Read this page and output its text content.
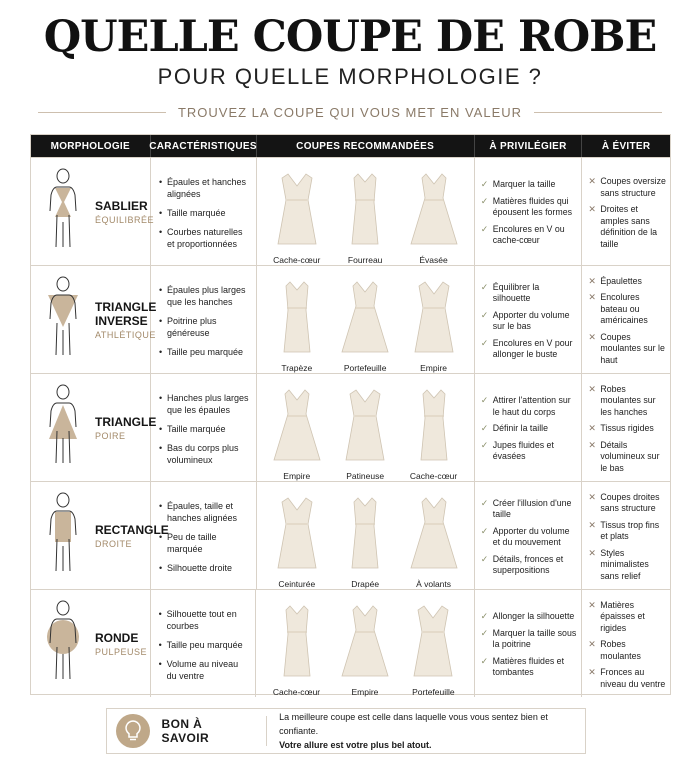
QUELLE COUPE DE ROBE
POUR QUELLE MORPHOLOGIE ?
TROUVEZ LA COUPE QUI VOUS MET EN VALEUR
MORPHOLOGIE	CARACTÉRISTIQUES	COUPES RECOMMANDÉES	À PRIVILÉGIER	À ÉVITER
SABLIER
ÉQUILIBRÉE
• Épaules et hanches alignées
• Taille marquée
• Courbes naturelles et proportionnées
Cache-cœur	Fourreau	Évasée
✓ Marquer la taille
✓ Matières fluides qui épousent les formes
✓ Encolures en V ou cache-cœur
✕ Coupes oversize sans structure
✕ Droites et amples sans définition de la taille
TRIANGLE INVERSE
ATHLÉTIQUE
• Épaules plus larges que les hanches
• Poitrine plus généreuse
• Taille peu marquée
Trapèze	Portefeuille	Empire
✓ Équilibrer la silhouette
✓ Apporter du volume sur le bas
✓ Encolures en V pour allonger le buste
✕ Épaulettes
✕ Encolures bateau ou américaines
✕ Coupes moulantes sur le haut
TRIANGLE
POIRE
• Hanches plus larges que les épaules
• Taille marquée
• Bas du corps plus volumineux
Empire	Patineuse	Cache-cœur
✓ Attirer l'attention sur le haut du corps
✓ Définir la taille
✓ Jupes fluides et évasées
✕ Robes moulantes sur les hanches
✕ Tissus rigides
✕ Détails volumineux sur le bas
RECTANGLE
DROITE
• Épaules, taille et hanches alignées
• Peu de taille marquée
• Silhouette droite
Ceinturée	Drapée	À volants
✓ Créer l'illusion d'une taille
✓ Apporter du volume et du mouvement
✓ Détails, fronces et superpositions
✕ Coupes droites sans structure
✕ Tissus trop fins et plats
✕ Styles minimalistes sans relief
RONDE
PULPEUSE
• Silhouette tout en courbes
• Taille peu marquée
• Volume au niveau du ventre
Cache-cœur	Empire	Portefeuille
✓ Allonger la silhouette
✓ Marquer la taille sous la poitrine
✓ Matières fluides et tombantes
✕ Matières épaisses et rigides
✕ Robes moulantes
✕ Fronces au niveau du ventre
BON À SAVOIR
La meilleure coupe est celle dans laquelle vous vous sentez bien et confiante.
Votre allure est votre plus bel atout.
